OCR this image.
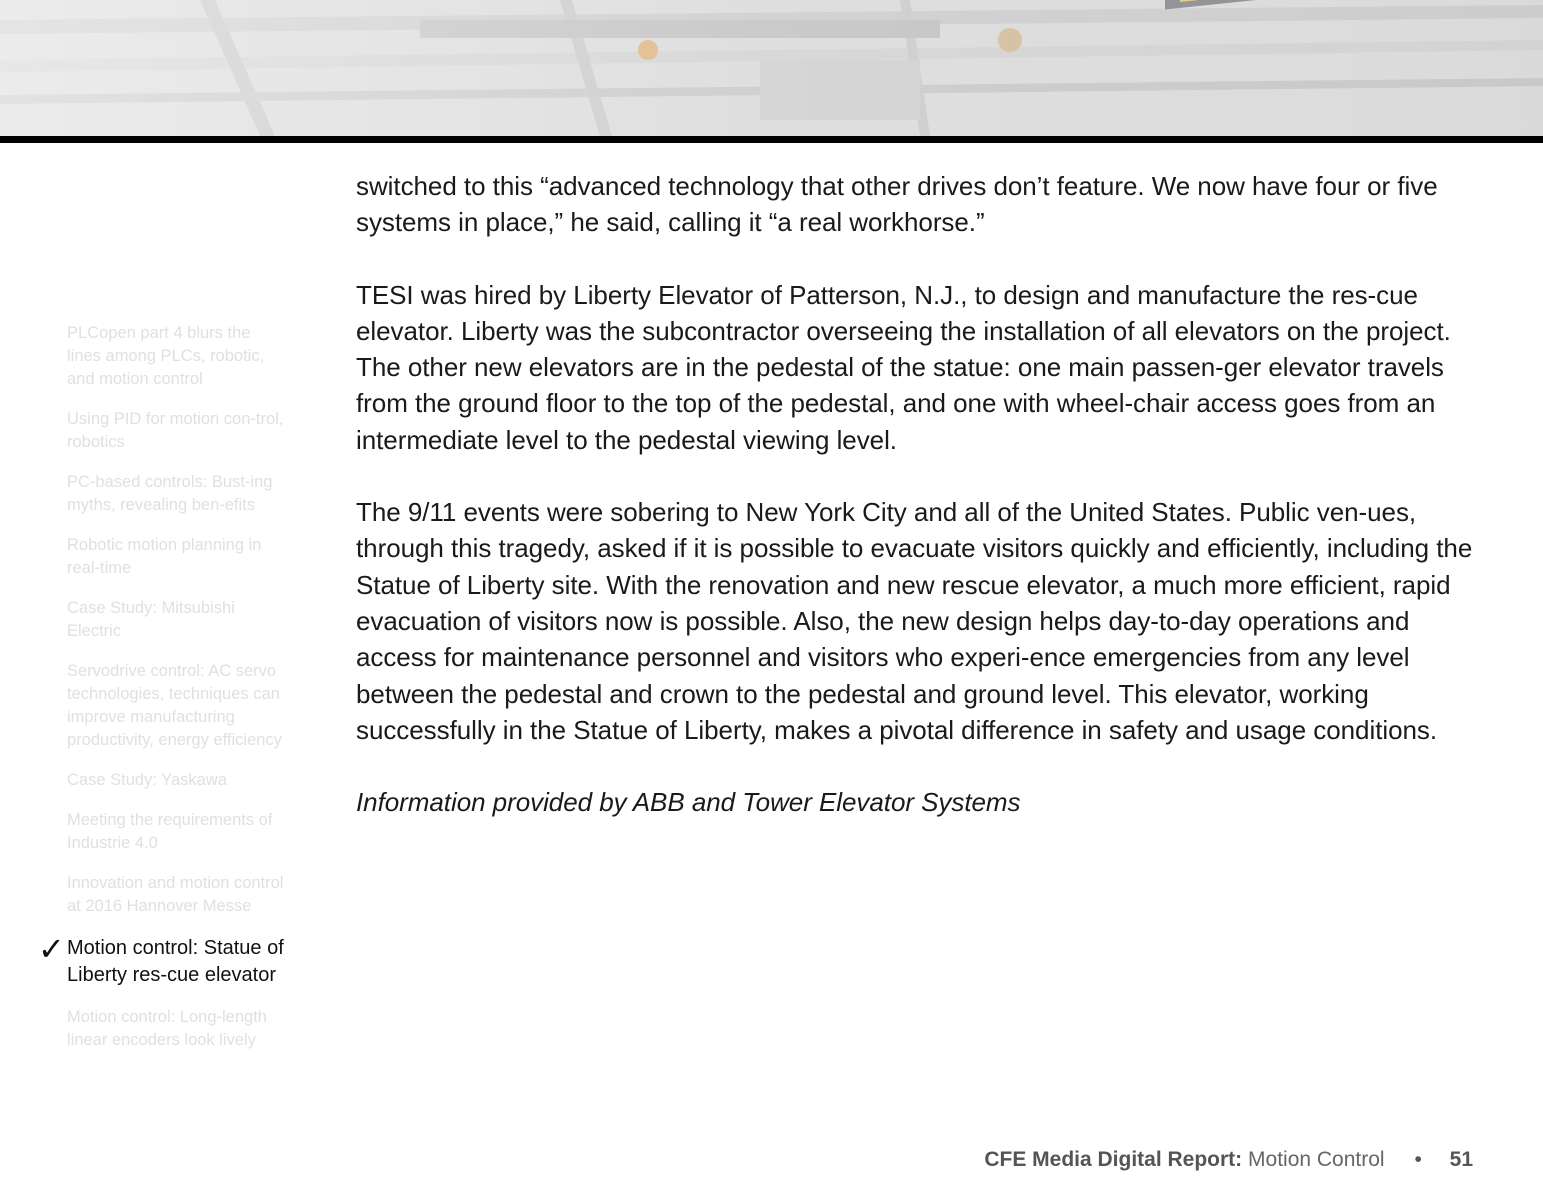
PLCopen part 4 blurs the lines among PLCs, robotic, and motion control
Using PID for motion con-trol, robotics
PC-based controls: Bust-ing myths, revealing ben-efits
Robotic motion planning in real-time
Case Study: Mitsubishi Electric
Servodrive control: AC servo technologies, techniques can improve manufacturing productivity, energy efficiency
Case Study: Yaskawa
Meeting the requirements of Industrie 4.0
Innovation and motion control at 2016 Hannover Messe
✓ Motion control: Statue of Liberty res-cue elevator
Motion control: Long-length linear encoders look lively

switched to this “advanced technology that other drives don’t feature. We now have four or five systems in place,” he said, calling it “a real workhorse.”

TESI was hired by Liberty Elevator of Patterson, N.J., to design and manufacture the res-cue elevator. Liberty was the subcontractor overseeing the installation of all elevators on the project. The other new elevators are in the pedestal of the statue: one main passen-ger elevator travels from the ground floor to the top of the pedestal, and one with wheel-chair access goes from an intermediate level to the pedestal viewing level.

The 9/11 events were sobering to New York City and all of the United States. Public ven-ues, through this tragedy, asked if it is possible to evacuate visitors quickly and efficiently, including the Statue of Liberty site. With the renovation and new rescue elevator, a much more efficient, rapid evacuation of visitors now is possible. Also, the new design helps day-to-day operations and access for maintenance personnel and visitors who experi-ence emergencies from any level between the pedestal and crown to the pedestal and ground level. This elevator, working successfully in the Statue of Liberty, makes a pivotal difference in safety and usage conditions.

Information provided by ABB and Tower Elevator Systems

CFE Media Digital Report: Motion Control • 51
